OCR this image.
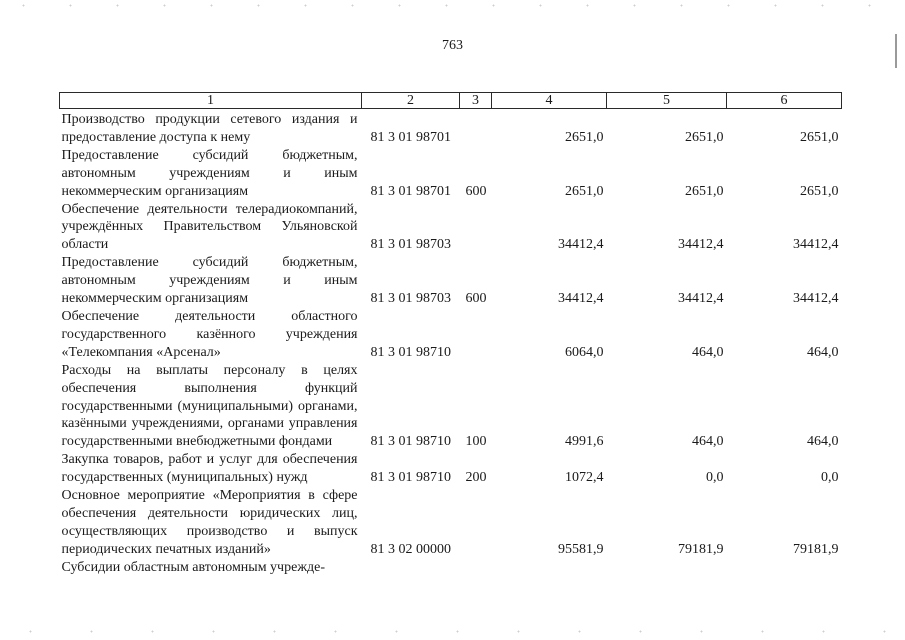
763
1	2	3	4	5	6
Производство продукции сетевого издания и предоставление доступа к нему	81 3 01 98701		2651,0	2651,0	2651,0
Предоставление субсидий бюджетным, автономным учреждениям и иным некоммерческим организациям	81 3 01 98701	600	2651,0	2651,0	2651,0
Обеспечение деятельности телерадиокомпаний, учреждённых Правительством Ульяновской области	81 3 01 98703		34412,4	34412,4	34412,4
Предоставление субсидий бюджетным, автономным учреждениям и иным некоммерческим организациям	81 3 01 98703	600	34412,4	34412,4	34412,4
Обеспечение деятельности областного государственного казённого учреждения «Телекомпания «Арсенал»	81 3 01 98710		6064,0	464,0	464,0
Расходы на выплаты персоналу в целях обеспечения выполнения функций государственными (муниципальными) органами, казёнными учреждениями, органами управления государственными внебюджетными фондами	81 3 01 98710	100	4991,6	464,0	464,0
Закупка товаров, работ и услуг для обеспечения государственных (муниципальных) нужд	81 3 01 98710	200	1072,4	0,0	0,0
Основное мероприятие «Мероприятия в сфере обеспечения деятельности юридических лиц, осуществляющих производство и выпуск периодических печатных изданий»	81 3 02 00000		95581,9	79181,9	79181,9
Субсидии областным автономным учрежде-					
